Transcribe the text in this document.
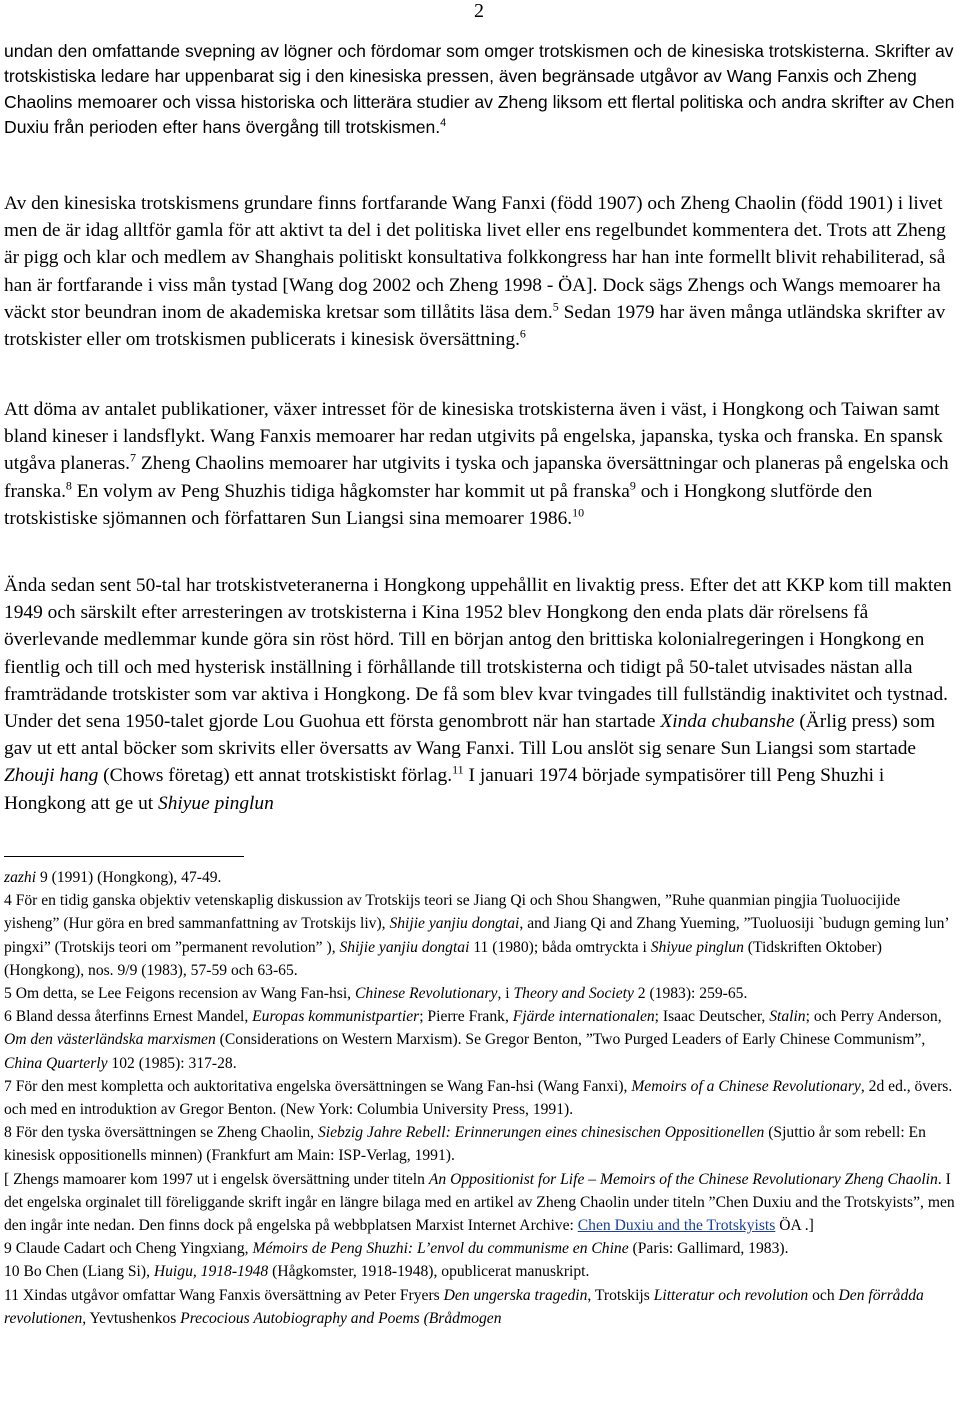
2

undan den omfattande svepning av lögner och fördomar som omger trotskismen och de kinesiska trotskisterna. Skrifter av trotskistiska ledare har uppenbarat sig i den kinesiska pressen, även begränsade utgåvor av Wang Fanxis och Zheng Chaolins memoarer och vissa historiska och litterära studier av Zheng liksom ett flertal politiska och andra skrifter av Chen Duxiu från perioden efter hans övergång till trotskismen.$^4$

Av den kinesiska trotskismens grundare finns fortfarande Wang Fanxi (född 1907) och Zheng Chaolin (född 1901) i livet men de är idag alltför gamla för att aktivt ta del i det politiska livet eller ens regelbundet kommentera det. Trots att Zheng är pigg och klar och medlem av Shanghais politiskt konsultativa folkkongress har han inte formellt blivit rehabiliterad, så han är fortfarande i viss mån tystad [Wang dog 2002 och Zheng 1998 - ÖA]. Dock sägs Zhengs och Wangs memoarer ha väckt stor beundran inom de akademiska kretsar som tillåtits läsa dem.$^5$ Sedan 1979 har även många utländska skrifter av trotskister eller om trotskismen publicerats i kinesisk översättning.$^6$

Att döma av antalet publikationer, växer intresset för de kinesiska trotskisterna även i väst, i Hongkong och Taiwan samt bland kineser i landsflykt. Wang Fanxis memoarer har redan utgivits på engelska, japanska, tyska och franska. En spansk utgåva planeras.$^7$ Zheng Chaolins memoarer har utgivits i tyska och japanska översättningar och planeras på engelska och franska.$^8$ En volym av Peng Shuzhis tidiga hågkomster har kommit ut på franska$^9$ och i Hongkong slutförde den trotskistiske sjömannen och författaren Sun Liangsi sina memoarer 1986.10

Ända sedan sent 50-tal har trotskistveteranerna i Hongkong uppehållit en livaktig press. Efter det att KKP kom till makten 1949 och särskilt efter arresteringen av trotskisterna i Kina 1952 blev Hongkong den enda plats där rörelsens få överlevande medlemmar kunde göra sin röst hörd. Till en början antog den brittiska kolonialregeringen i Hongkong en fientlig och till och med hysterisk inställning i förhållande till trotskisterna och tidigt på 50-talet utvisades nästan alla framträdande trotskister som var aktiva i Hongkong. De få som blev kvar tvingades till fullständig inaktivitet och tystnad. Under det sena 1950-talet gjorde Lou Guohua ett första genombrott när han startade Xinda chubanshe (Ärlig press) som gav ut ett antal böcker som skrivits eller översatts av Wang Fanxi. Till Lou anslöt sig senare Sun Liangsi som startade Zhouji hang (Chows företag) ett annat trotskistiskt förlag.$^{11}$ I januari 1974 började sympatisörer till Peng Shuzhi i Hongkong att ge ut Shiyue pinglun

zazhi 9 (1991) (Hongkong), 47-49.

4 För en tidig ganska objektiv vetenskaplig diskussion av Trotskijs teori se Jiang Qi och Shou Shangwen, ”Ruhe quanmian pingjia Tuoluocijide yisheng” (Hur göra en bred sammanfattning av Trotskijs liv), Shijie yanjiu dongtai, and Jiang Qi and Zhang Yueming, ”Tuoluosiji `budugn geming lun’ pingxi” (Trotskijs teori om ”permanent revolution” ), Shijie yanjiu dongtai 11 (1980); båda omtryckta i Shiyue pinglun (Tidskriften Oktober) (Hongkong), nos. 9/9 (1983), 57-59 och 63-65.

5 Om detta, se Lee Feigons recension av Wang Fan-hsi, Chinese Revolutionary, i Theory and Society 2 (1983): 259-65.

6 Bland dessa återfinns Ernest Mandel, Europas kommunistpartier; Pierre Frank, Fjärde internationalen; Isaac Deutscher, Stalin; och Perry Anderson, Om den västerländska marxismen (Considerations on Western Marxism). Se Gregor Benton, ”Two Purged Leaders of Early Chinese Communism”, China Quarterly 102 (1985): 317-28.

7 För den mest kompletta och auktoritativa engelska översättningen se Wang Fan-hsi (Wang Fanxi), Memoirs of a Chinese Revolutionary, 2d ed., övers. och med en introduktion av Gregor Benton. (New York: Columbia University Press, 1991).

8 För den tyska översättningen se Zheng Chaolin, Siebzig Jahre Rebell: Erinnerungen eines chinesischen Oppositionellen (Sjuttio år som rebell: En kinesisk oppositionells minnen) (Frankfurt am Main: ISP-Verlag, 1991).

[ Zhengs mamoarer kom 1997 ut i engelsk översättning under titeln An Oppositionist for Life – Memoirs of the Chinese Revolutionary Zheng Chaolin. I det engelska orginalet till föreliggande skrift ingår en längre bilaga med en artikel av Zheng Chaolin under titeln ”Chen Duxiu and the Trotskyists”, men den ingår inte nedan. Den finns dock på engelska på webbplatsen Marxist Internet Archive: Chen Duxiu and the Trotskyists ÖA .]

9 Claude Cadart och Cheng Yingxiang, Mémoirs de Peng Shuzhi: L’envol du communisme en Chine (Paris: Gallimard, 1983).

10 Bo Chen (Liang Si), Huigu, 1918-1948 (Hågkomster, 1918-1948), opublicerat manuskript.

11 Xindas utgåvor omfattar Wang Fanxis översättning av Peter Fryers Den ungerska tragedin, Trotskijs Litteratur och revolution och Den förrådda revolutionen, Yevtushenkos Precocious Autobiography and Poems (Brådmogen
